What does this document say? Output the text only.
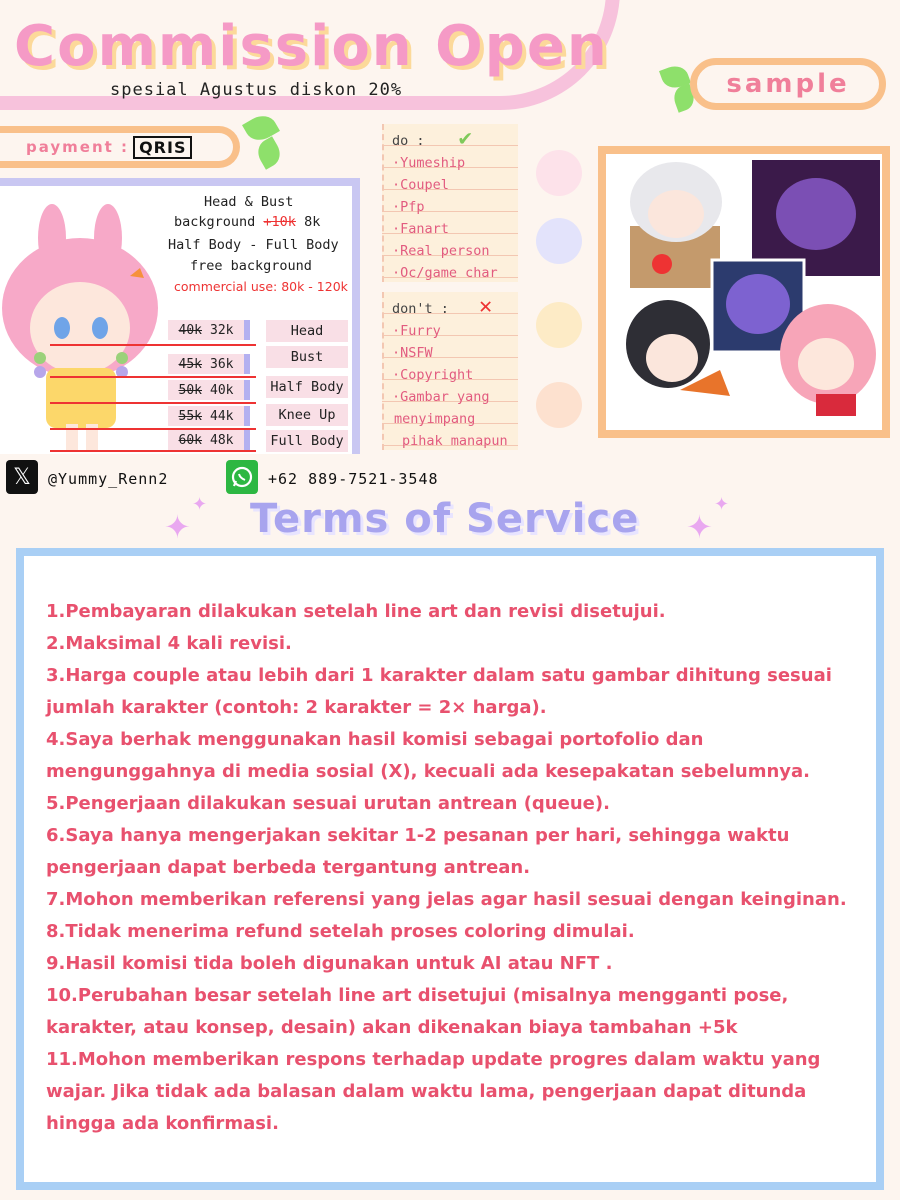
Commission Open
spesial Agustus diskon 20%	sample
payment : QRIS
Head & Bust
background +10k 8k
Half Body - Full Body
free background
commercial use: 80k - 120k
40k 32k	Head
45k 36k	Bust
50k 40k	Half Body
55k 44k	Knee Up
60k 48k	Full Body
do : ✔
·Yumeship
·Coupel
·Pfp
·Fanart
·Real person
·Oc/game char
don't : ✕
·Furry
·NSFW
·Copyright
·Gambar yang
menyimpang
pihak manapun
𝕏	@Yummy_Renn2	+62 889-7521-3548
✦
✦ Terms of Service ✦
✦

1.Pembayaran dilakukan setelah line art dan revisi disetujui.

2.Maksimal 4 kali revisi.

3.Harga couple atau lebih dari 1 karakter dalam satu gambar dihitung sesuai jumlah karakter (contoh: 2 karakter = 2× harga).

4.Saya berhak menggunakan hasil komisi sebagai portofolio dan mengunggahnya di media sosial (X), kecuali ada kesepakatan sebelumnya.

5.Pengerjaan dilakukan sesuai urutan antrean (queue).

6.Saya hanya mengerjakan sekitar 1-2 pesanan per hari, sehingga waktu pengerjaan dapat berbeda tergantung antrean.

7.Mohon memberikan referensi yang jelas agar hasil sesuai dengan keinginan.

8.Tidak menerima refund setelah proses coloring dimulai.

9.Hasil komisi tida boleh digunakan untuk AI atau NFT .

10.Perubahan besar setelah line art disetujui (misalnya mengganti pose, karakter, atau konsep, desain) akan dikenakan biaya tambahan +5k

11.Mohon memberikan respons terhadap update progres dalam waktu yang wajar. Jika tidak ada balasan dalam waktu lama, pengerjaan dapat ditunda hingga ada konfirmasi.
